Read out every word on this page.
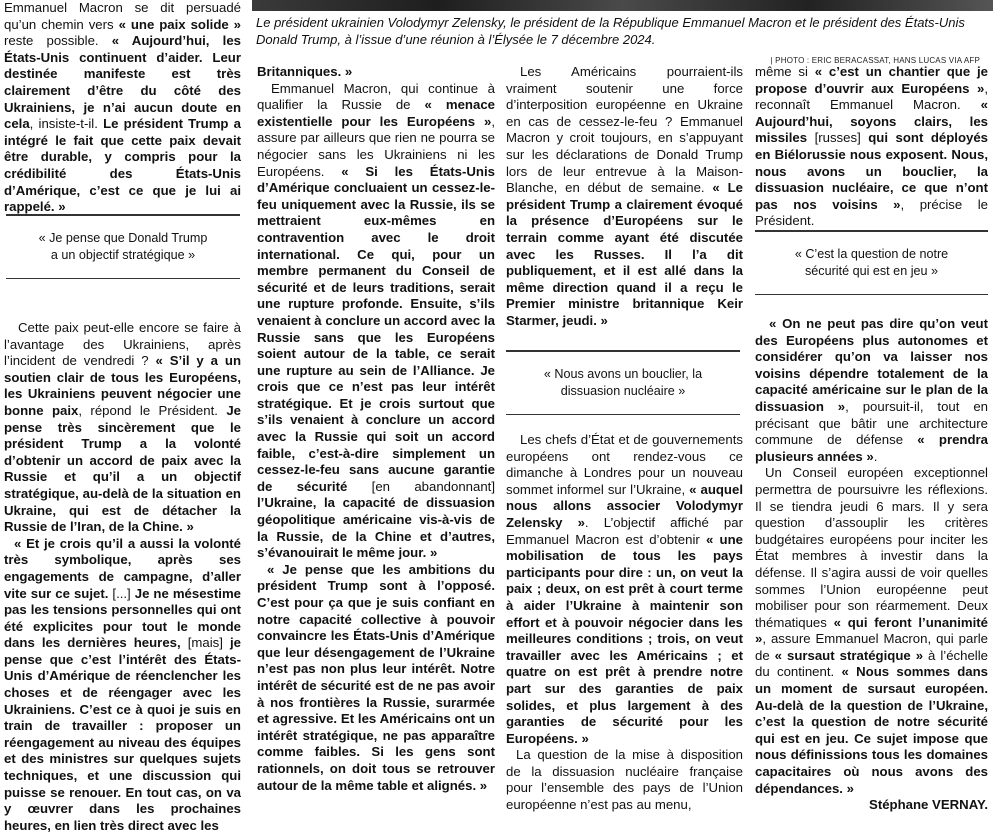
Le président ukrainien Volodymyr Zelensky, le président de la République Emmanuel Macron et le président des États-Unis Donald Trump, à l’issue d’une réunion à l’Élysée le 7 décembre 2024.
| PHOTO : ERIC BERACASSAT, HANS LUCAS VIA AFP

Emmanuel Macron se dit persuadé qu’un chemin vers « une paix solide » reste possible. « Aujourd’hui, les États-Unis continuent d’aider. Leur destinée manifeste est très clairement d’être du côté des Ukrainiens, je n’ai aucun doute en cela, insiste-t-il. Le président Trump a intégré le fait que cette paix devait être durable, y compris pour la crédibilité des États-Unis d’Amérique, c’est ce que je lui ai rappelé. »

« Je pense que Donald Trump a un objectif stratégique »

Cette paix peut-elle encore se faire à l’avantage des Ukrainiens, après l’incident de vendredi ? « S’il y a un soutien clair de tous les Européens, les Ukrainiens peuvent négocier une bonne paix, répond le Président. Je pense très sincèrement que le président Trump a la volonté d’obtenir un accord de paix avec la Russie et qu’il a un objectif stratégique, au-delà de la situation en Ukraine, qui est de détacher la Russie de l’Iran, de la Chine. »

« Et je crois qu’il a aussi la volonté très symbolique, après ses engagements de campagne, d’aller vite sur ce sujet. [...] Je ne mésestime pas les tensions personnelles qui ont été explicites pour tout le monde dans les dernières heures, [mais] je pense que c’est l’intérêt des États-Unis d’Amérique de réenclencher les choses et de réengager avec les Ukrainiens. C’est ce à quoi je suis en train de travailler : proposer un réengagement au niveau des équipes et des ministres sur quelques sujets techniques, et une discussion qui puisse se renouer. En tout cas, on va y œuvrer dans les prochaines heures, en lien très direct avec les

Britanniques. »

Emmanuel Macron, qui continue à qualifier la Russie de « menace existentielle pour les Européens », assure par ailleurs que rien ne pourra se négocier sans les Ukrainiens ni les Européens. « Si les États-Unis d’Amérique concluaient un cessez-le-feu uniquement avec la Russie, ils se mettraient eux-mêmes en contravention avec le droit international. Ce qui, pour un membre permanent du Conseil de sécurité et de leurs traditions, serait une rupture profonde. Ensuite, s’ils venaient à conclure un accord avec la Russie sans que les Européens soient autour de la table, ce serait une rupture au sein de l’Alliance. Je crois que ce n’est pas leur intérêt stratégique. Et je crois surtout que s’ils venaient à conclure un accord avec la Russie qui soit un accord faible, c’est-à-dire simplement un cessez-le-feu sans aucune garantie de sécurité [en abandonnant] l’Ukraine, la capacité de dissuasion géopolitique américaine vis-à-vis de la Russie, de la Chine et d’autres, s’évanouirait le même jour. »

« Je pense que les ambitions du président Trump sont à l’opposé. C’est pour ça que je suis confiant en notre capacité collective à pouvoir convaincre les États-Unis d’Amérique que leur désengagement de l’Ukraine n’est pas non plus leur intérêt. Notre intérêt de sécurité est de ne pas avoir à nos frontières la Russie, surarmée et agressive. Et les Américains ont un intérêt stratégique, ne pas apparaître comme faibles. Si les gens sont rationnels, on doit tous se retrouver autour de la même table et alignés. »

Les Américains pourraient-ils vraiment soutenir une force d’interposition européenne en Ukraine en cas de cessez-le-feu ? Emmanuel Macron y croit toujours, en s’appuyant sur les déclarations de Donald Trump lors de leur entrevue à la Maison-Blanche, en début de semaine. « Le président Trump a clairement évoqué la présence d’Européens sur le terrain comme ayant été discutée avec les Russes. Il l’a dit publiquement, et il est allé dans la même direction quand il a reçu le Premier ministre britannique Keir Starmer, jeudi. »

« Nous avons un bouclier, la dissuasion nucléaire »

Les chefs d’État et de gouvernements européens ont rendez-vous ce dimanche à Londres pour un nouveau sommet informel sur l’Ukraine, « auquel nous allons associer Volodymyr Zelensky ». L’objectif affiché par Emmanuel Macron est d’obtenir « une mobilisation de tous les pays participants pour dire : un, on veut la paix ; deux, on est prêt à court terme à aider l’Ukraine à maintenir son effort et à pouvoir négocier dans les meilleures conditions ; trois, on veut travailler avec les Américains ; et quatre on est prêt à prendre notre part sur des garanties de paix solides, et plus largement à des garanties de sécurité pour les Européens. »

La question de la mise à disposition de la dissuasion nucléaire française pour l’ensemble des pays de l’Union européenne n’est pas au menu,

même si « c’est un chantier que je propose d’ouvrir aux Européens », reconnaît Emmanuel Macron. « Aujourd’hui, soyons clairs, les missiles [russes] qui sont déployés en Biélorussie nous exposent. Nous, nous avons un bouclier, la dissuasion nucléaire, ce que n’ont pas nos voisins », précise le Président.

« C’est la question de notre sécurité qui est en jeu »

« On ne peut pas dire qu’on veut des Européens plus autonomes et considérer qu’on va laisser nos voisins dépendre totalement de la capacité américaine sur le plan de la dissuasion », poursuit-il, tout en précisant que bâtir une architecture commune de défense « prendra plusieurs années ».

Un Conseil européen exceptionnel permettra de poursuivre les réflexions. Il se tiendra jeudi 6 mars. Il y sera question d’assouplir les critères budgétaires européens pour inciter les État membres à investir dans la défense. Il s’agira aussi de voir quelles sommes l’Union européenne peut mobiliser pour son réarmement. Deux thématiques « qui feront l’unanimité », assure Emmanuel Macron, qui parle de « sursaut stratégique » à l’échelle du continent. « Nous sommes dans un moment de sursaut européen. Au-delà de la question de l’Ukraine, c’est la question de notre sécurité qui est en jeu. Ce sujet impose que nous définissions tous les domaines capacitaires où nous avons des dépendances. »

Stéphane VERNAY.
